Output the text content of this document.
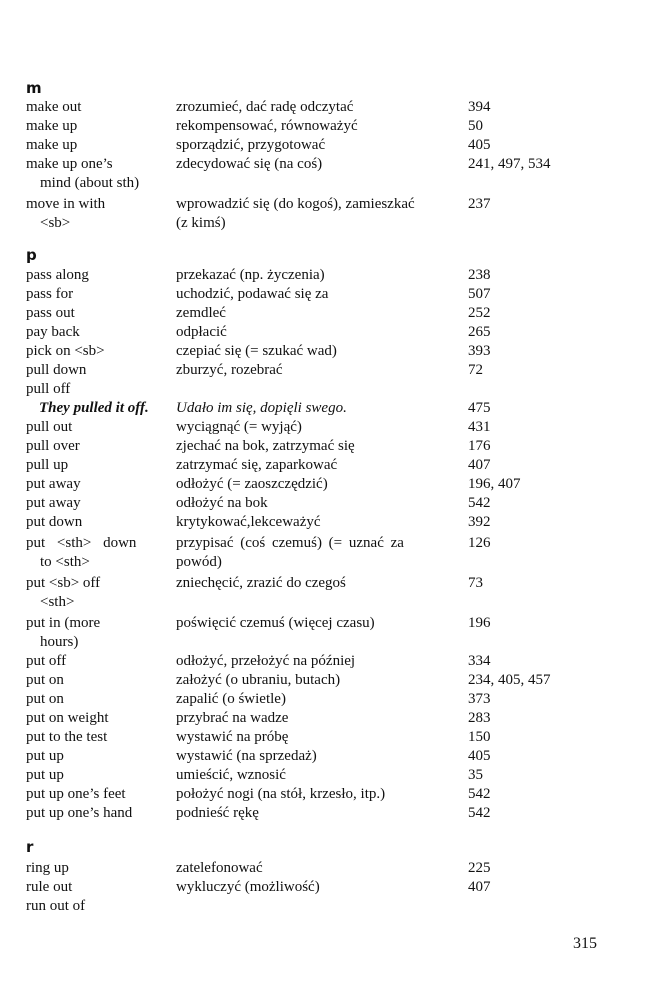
m
make out	zrozumieć, dać radę odczytać	394
make up	rekompensować, równoważyć	50
make up	sporządzić, przygotować	405
make up one’s	zdecydować się (na coś)	241, 497, 534
mind (about sth)
move in with	wprowadzić się (do kogoś), zamieszkać	237
<sb>	(z kimś)
p
pass along	przekazać (np. życzenia)	238
pass for	uchodzić, podawać się za	507
pass out	zemdleć	252
pay back	odpłacić	265
pick on <sb>	czepiać się (= szukać wad)	393
pull down	zburzyć, rozebrać	72
pull off
They pulled it off.	Udało im się, dopięli swego.	475
pull out	wyciągnąć (= wyjąć)	431
pull over	zjechać na bok, zatrzymać się	176
pull up	zatrzymać się, zaparkować	407
put away	odłożyć (= zaoszczędzić)	196, 407
put away	odłożyć na bok	542
put down	krytykować,lekceważyć	392
put <sth> down	przypisać (coś czemuś) (= uznać za	126
to <sth>	powód)
put <sb> off	zniechęcić, zrazić do czegoś	73
<sth>
put in (more	poświęcić czemuś (więcej czasu)	196
hours)
put off	odłożyć, przełożyć na później	334
put on	założyć (o ubraniu, butach)	234, 405, 457
put on	zapalić (o świetle)	373
put on weight	przybrać na wadze	283
put to the test	wystawić na próbę	150
put up	wystawić (na sprzedaż)	405
put up	umieścić, wznosić	35
put up one’s feet	położyć nogi (na stół, krzesło, itp.)	542
put up one’s hand	podnieść rękę	542
r
ring up	zatelefonować	225
rule out	wykluczyć (możliwość)	407
run out of
315
